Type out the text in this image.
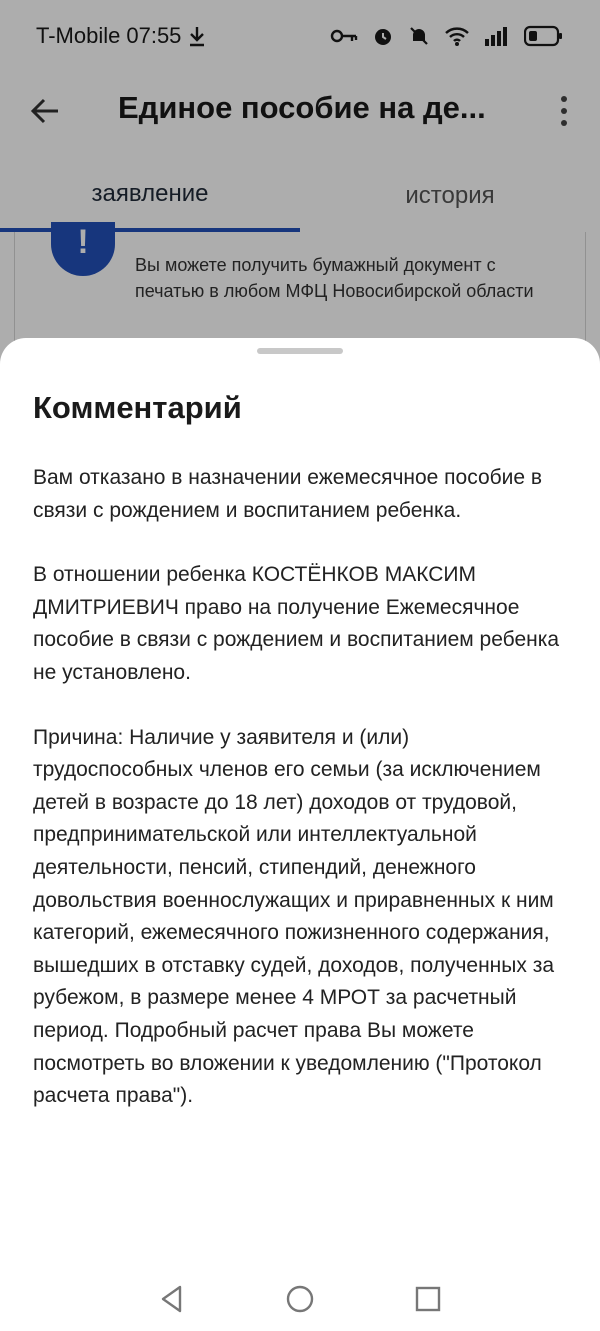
T-Mobile 07:55
Единое пособие на де...
заявление	история
!
Вы можете получить бумажный документ с печатью в любом МФЦ Новосибирской области
Комментарий

Вам отказано в назначении ежемесячное пособие в связи с рождением и воспитанием ребенка.

В отношении ребенка КОСТЁНКОВ МАКСИМ ДМИТРИЕВИЧ право на получение Ежемесячное пособие в связи с рождением и воспитанием ребенка не установлено.

Причина: Наличие у заявителя и (или) трудоспособных членов его семьи (за исключением детей в возрасте до 18 лет) доходов от трудовой, предпринимательской или интеллектуальной деятельности, пенсий, стипендий, денежного довольствия военнослужащих и приравненных к ним категорий, ежемесячного пожизненного содержания, вышедших в отставку судей, доходов, полученных за рубежом, в размере менее 4 МРОТ за расчетный период. Подробный расчет права Вы можете посмотреть во вложении к уведомлению ("Протокол расчета права").
